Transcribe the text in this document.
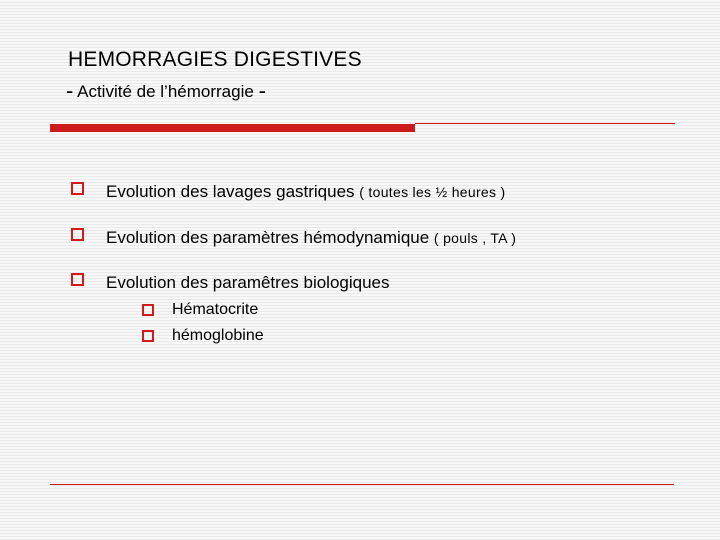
HEMORRAGIES DIGESTIVES
- Activité de l’hémorragie -
Evolution des lavages gastriques ( toutes les ½ heures )
Evolution des paramètres hémodynamique ( pouls , TA )
Evolution des paramêtres biologiques
Hématocrite
hémoglobine
